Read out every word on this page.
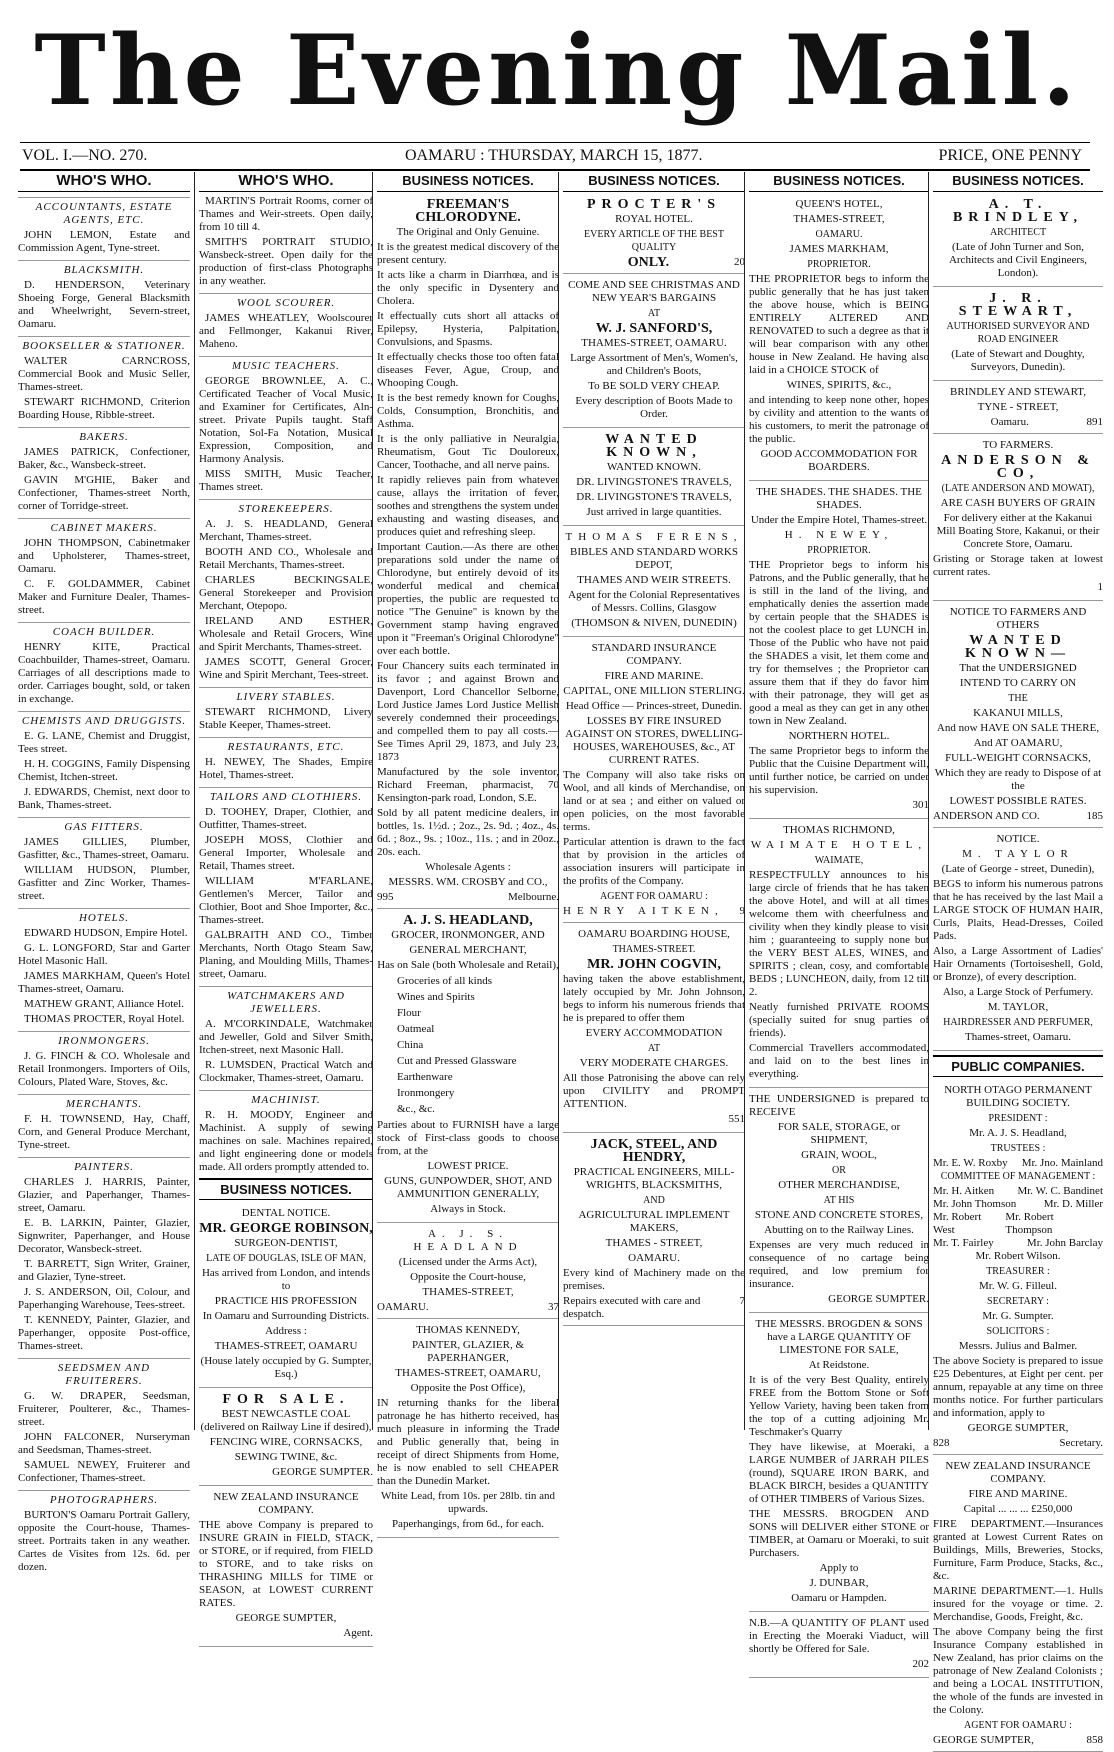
The Evening Mail.
VOL. I.—NO. 270.	OAMARU : THURSDAY, MARCH 15, 1877.	PRICE, ONE PENNY
WHO'S WHO.
ACCOUNTANTS, ESTATE AGENTS, ETC.

JOHN LEMON, Estate and Commission Agent, Tyne-street.

BLACKSMITH.

D. HENDERSON, Veterinary Shoeing Forge, General Blacksmith and Wheelwright, Severn-street, Oamaru.

BOOKSELLER & STATIONER.

WALTER CARNCROSS, Commercial Book and Music Seller, Thames-street.

STEWART RICHMOND, Criterion Boarding House, Ribble-street.

BAKERS.

JAMES PATRICK, Confectioner, Baker, &c., Wansbeck-street.

GAVIN M'GHIE, Baker and Confectioner, Thames-street North, corner of Torridge-street.

CABINET MAKERS.

JOHN THOMPSON, Cabinetmaker and Upholsterer, Thames-street, Oamaru.

C. F. GOLDAMMER, Cabinet Maker and Furniture Dealer, Thames-street.

COACH BUILDER.

HENRY KITE, Practical Coachbuilder, Thames-street, Oamaru. Carriages of all descriptions made to order. Carriages bought, sold, or taken in exchange.

CHEMISTS AND DRUGGISTS.

E. G. LANE, Chemist and Druggist, Tees street.

H. H. COGGINS, Family Dispensing Chemist, Itchen-street.

J. EDWARDS, Chemist, next door to Bank, Thames-street.

GAS FITTERS.

JAMES GILLIES, Plumber, Gasfitter, &c., Thames-street, Oamaru.

WILLIAM HUDSON, Plumber, Gasfitter and Zinc Worker, Thames-street.

HOTELS.

EDWARD HUDSON, Empire Hotel.

G. L. LONGFORD, Star and Garter Hotel Masonic Hall.

JAMES MARKHAM, Queen's Hotel Thames-street, Oamaru.

MATHEW GRANT, Alliance Hotel.

THOMAS PROCTER, Royal Hotel.

IRONMONGERS.

J. G. FINCH & CO. Wholesale and Retail Ironmongers. Importers of Oils, Colours, Plated Ware, Stoves, &c.

MERCHANTS.

F. H. TOWNSEND, Hay, Chaff, Corn, and General Produce Merchant, Tyne-street.

PAINTERS.

CHARLES J. HARRIS, Painter, Glazier, and Paperhanger, Thames-street, Oamaru.

E. B. LARKIN, Painter, Glazier, Signwriter, Paperhanger, and House Decorator, Wansbeck-street.

T. BARRETT, Sign Writer, Grainer, and Glazier, Tyne-street.

J. S. ANDERSON, Oil, Colour, and Paperhanging Warehouse, Tees-street.

T. KENNEDY, Painter, Glazier, and Paperhanger, opposite Post-office, Thames-street.

SEEDSMEN AND FRUITERERS.

G. W. DRAPER, Seedsman, Fruiterer, Poulterer, &c., Thames-street.

JOHN FALCONER, Nurseryman and Seedsman, Thames-street.

SAMUEL NEWEY, Fruiterer and Confectioner, Thames-street.

PHOTOGRAPHERS.

BURTON'S Oamaru Portrait Gallery, opposite the Court-house, Thames-street. Portraits taken in any weather. Cartes de Visites from 12s. 6d. per dozen.

WHO'S WHO.

MARTIN'S Portrait Rooms, corner of Thames and Weir-streets. Open daily, from 10 till 4.

SMITH'S PORTRAIT STUDIO, Wansbeck-street. Open daily for the production of first-class Photographs in any weather.

WOOL SCOURER.

JAMES WHEATLEY, Woolscourer and Fellmonger, Kakanui River, Maheno.

MUSIC TEACHERS.

GEORGE BROWNLEE, A. C., Certificated Teacher of Vocal Music, and Examiner for Certificates, Aln-street. Private Pupils taught. Staff Notation, Sol-Fa Notation, Musical Expression, Composition, and Harmony Analysis.

MISS SMITH, Music Teacher, Thames street.

STOREKEEPERS.

A. J. S. HEADLAND, General Merchant, Thames-street.

BOOTH AND CO., Wholesale and Retail Merchants, Thames-street.

CHARLES BECKINGSALE, General Storekeeper and Provision Merchant, Otepopo.

IRELAND AND ESTHER, Wholesale and Retail Grocers, Wine and Spirit Merchants, Thames-street.

JAMES SCOTT, General Grocer, Wine and Spirit Merchant, Tees-street.

LIVERY STABLES.

STEWART RICHMOND, Livery Stable Keeper, Thames-street.

RESTAURANTS, ETC.

H. NEWEY, The Shades, Empire Hotel, Thames-street.

TAILORS AND CLOTHIERS.

D. TOOHEY, Draper, Clothier, and Outfitter, Thames-street.

JOSEPH MOSS, Clothier and General Importer, Wholesale and Retail, Thames street.

WILLIAM M'FARLANE, Gentlemen's Mercer, Tailor and Clothier, Boot and Shoe Importer, &c., Thames-street.

GALBRAITH AND CO., Timber Merchants, North Otago Steam Saw, Planing, and Moulding Mills, Thames-street, Oamaru.

WATCHMAKERS AND JEWELLERS.

A. M'CORKINDALE, Watchmaker and Jeweller, Gold and Silver Smith, Itchen-street, next Masonic Hall.

R. LUMSDEN, Practical Watch and Clockmaker, Thames-street, Oamaru.

MACHINIST.

R. H. MOODY, Engineer and Machinist. A supply of sewing machines on sale. Machines repaired, and light engineering done or models made. All orders promptly attended to.

BUSINESS NOTICES.

DENTAL NOTICE.

MR. GEORGE ROBINSON,

SURGEON-DENTIST,

LATE OF DOUGLAS, ISLE OF MAN,

Has arrived from London, and intends to

PRACTICE HIS PROFESSION

In Oamaru and Surrounding Districts.

Address :

THAMES-STREET, OAMARU

(House lately occupied by G. Sumpter, Esq.)

FOR SALE.

BEST NEWCASTLE COAL (delivered on Railway Line if desired),

FENCING WIRE, CORNSACKS,

SEWING TWINE, &c.

GEORGE SUMPTER.

NEW ZEALAND INSURANCE COMPANY.

THE above Company is prepared to INSURE GRAIN in FIELD, STACK, or STORE, or if required, from FIELD to STORE, and to take risks on THRASHING MILLS for TIME or SEASON, at LOWEST CURRENT RATES.

GEORGE SUMPTER,

Agent.

BUSINESS NOTICES.

FREEMAN'S CHLORODYNE.

The Original and Only Genuine.

It is the greatest medical discovery of the present century.

It acts like a charm in Diarrhœa, and is the only specific in Dysentery and Cholera.

It effectually cuts short all attacks of Epilepsy, Hysteria, Palpitation, Convulsions, and Spasms.

It effectually checks those too often fatal diseases Fever, Ague, Croup, and Whooping Cough.

It is the best remedy known for Coughs, Colds, Consumption, Bronchitis, and Asthma.

It is the only palliative in Neuralgia, Rheumatism, Gout Tic Douloreux, Cancer, Toothache, and all nerve pains.

It rapidly relieves pain from whatever cause, allays the irritation of fever, soothes and strengthens the system under exhausting and wasting diseases, and produces quiet and refreshing sleep.

Important Caution.—As there are other preparations sold under the name of Chlorodyne, but entirely devoid of its wonderful medical and chemical properties, the public are requested to notice "The Genuine" is known by the Government stamp having engraved upon it "Freeman's Original Chlorodyne" over each bottle.

Four Chancery suits each terminated in its favor ; and against Brown and Davenport, Lord Chancellor Selborne, Lord Justice James Lord Justice Mellish severely condemned their proceedings, and compelled them to pay all costs.—See Times April 29, 1873, and July 23, 1873

Manufactured by the sole inventor, Richard Freeman, pharmacist, 70 Kensington-park road, London, S.E.

Sold by all patent medicine dealers, in bottles, 1s. 1½d. ; 2oz., 2s. 9d. ; 4oz., 4s. 6d. ; 8oz., 9s. ; 10oz., 11s. ; and in 20oz., 20s. each.

Wholesale Agents :

MESSRS. WM. CROSBY and CO.,

995	Melbourne.

A. J. S. HEADLAND,

GROCER, IRONMONGER, AND

GENERAL MERCHANT,

Has on Sale (both Wholesale and Retail),

Groceries of all kinds
Wines and Spirits
Flour
Oatmeal
China
Cut and Pressed Glassware
Earthenware
Ironmongery
&c., &c.

Parties about to FURNISH have a large stock of First-class goods to choose from, at the

LOWEST PRICE.

GUNS, GUNPOWDER, SHOT, AND AMMUNITION GENERALLY,

Always in Stock.

A. J. S. HEADLAND

(Licensed under the Arms Act),

Opposite the Court-house,

THAMES-STREET,

OAMARU.	37

THOMAS KENNEDY,

PAINTER, GLAZIER, & PAPERHANGER,

THAMES-STREET, OAMARU,

Opposite the Post Office),

IN returning thanks for the liberal patronage he has hitherto received, has much pleasure in informing the Trade and Public generally that, being in receipt of direct Shipments from Home, he is now enabled to sell CHEAPER than the Dunedin Market.

White Lead, from 10s. per 28lb. tin and upwards.

Paperhangings, from 6d., for each.

BUSINESS NOTICES.

PROCTER'S

ROYAL HOTEL.

EVERY ARTICLE OF THE BEST QUALITY

ONLY.	20

COME AND SEE CHRISTMAS AND NEW YEAR'S BARGAINS

AT

W. J. SANFORD'S,

THAMES-STREET, OAMARU.

Large Assortment of Men's, Women's, and Children's Boots,

To BE SOLD VERY CHEAP.

Every description of Boots Made to Order.

WANTED KNOWN,

WANTED KNOWN.

DR. LIVINGSTONE'S TRAVELS,

DR. LIVINGSTONE'S TRAVELS,

Just arrived in large quantities.

THOMAS FERENS,

BIBLES AND STANDARD WORKS DEPOT,

THAMES AND WEIR STREETS.

Agent for the Colonial Representatives of Messrs. Collins, Glasgow

(THOMSON & NIVEN, DUNEDIN)

STANDARD INSURANCE COMPANY.

FIRE AND MARINE.

CAPITAL, ONE MILLION STERLING.

Head Office — Princes-street, Dunedin.

LOSSES BY FIRE INSURED AGAINST ON STORES, DWELLING-HOUSES, WAREHOUSES, &c., AT CURRENT RATES.

The Company will also take risks on Wool, and all kinds of Merchandise, on land or at sea ; and either on valued or open policies, on the most favorable terms.

Particular attention is drawn to the fact that by provision in the articles of association insurers will participate in the profits of the Company.

AGENT FOR OAMARU :

HENRY AITKEN, 9

OAMARU BOARDING HOUSE,

THAMES-STREET.

MR. JOHN COGVIN,

having taken the above establishment, lately occupied by Mr. John Johnson, begs to inform his numerous friends that he is prepared to offer them

EVERY ACCOMMODATION

AT

VERY MODERATE CHARGES.

All those Patronising the above can rely upon CIVILITY and PROMPT ATTENTION.

551

JACK, STEEL, AND HENDRY,

PRACTICAL ENGINEERS, MILL-WRIGHTS, BLACKSMITHS,

AND

AGRICULTURAL IMPLEMENT MAKERS,

THAMES - STREET,

OAMARU.

Every kind of Machinery made on the premises.

Repairs executed with care and despatch.
7
BUSINESS NOTICES.

QUEEN'S HOTEL,

THAMES-STREET,

OAMARU.

JAMES MARKHAM,

PROPRIETOR.

THE PROPRIETOR begs to inform the public generally that he has just taken the above house, which is BEING ENTIRELY ALTERED AND RENOVATED to such a degree as that it will bear comparison with any other house in New Zealand. He having also laid in a CHOICE STOCK of

WINES, SPIRITS, &c.,

and intending to keep none other, hopes by civility and attention to the wants of his customers, to merit the patronage of the public.

GOOD ACCOMMODATION FOR BOARDERS.

THE SHADES. THE SHADES. THE SHADES.

Under the Empire Hotel, Thames-street.

H. NEWEY,

PROPRIETOR.

THE Proprietor begs to inform his Patrons, and the Public generally, that he is still in the land of the living, and emphatically denies the assertion made by certain people that the SHADES is not the coolest place to get LUNCH in. Those of the Public who have not paid the SHADES a visit, let them come and try for themselves ; the Proprietor can assure them that if they do favor him with their patronage, they will get as good a meal as they can get in any other town in New Zealand.

NORTHERN HOTEL.

The same Proprietor begs to inform the Public that the Cuisine Department will, until further notice, be carried on under his supervision.

301

THOMAS RICHMOND,

WAIMATE HOTEL,

WAIMATE,

RESPECTFULLY announces to his large circle of friends that he has taken the above Hotel, and will at all times welcome them with cheerfulness and civility when they kindly please to visit him ; guaranteeing to supply none but the VERY BEST ALES, WINES, and SPIRITS ; clean, cosy, and comfortable BEDS ; LUNCHEON, daily, from 12 till 2.

Neatly furnished PRIVATE ROOMS (specially suited for snug parties of friends).

Commercial Travellers accommodated, and laid on to the best lines in everything.

THE UNDERSIGNED is prepared to RECEIVE

FOR SALE, STORAGE, or SHIPMENT,

GRAIN, WOOL,

OR

OTHER MERCHANDISE,

AT HIS

STONE AND CONCRETE STORES,

Abutting on to the Railway Lines.

Expenses are very much reduced in consequence of no cartage being required, and low premium for insurance.

GEORGE SUMPTER.

THE MESSRS. BROGDEN & SONS have a LARGE QUANTITY OF LIMESTONE FOR SALE,

At Reidstone.

It is of the very Best Quality, entirely FREE from the Bottom Stone or Soft Yellow Variety, having been taken from the top of a cutting adjoining Mr. Teschmaker's Quarry

They have likewise, at Moeraki, a LARGE NUMBER of JARRAH PILES (round), SQUARE IRON BARK, and BLACK BIRCH, besides a QUANTITY of OTHER TIMBERS of Various Sizes.

THE MESSRS. BROGDEN AND SONS will DELIVER either STONE or TIMBER, at Oamaru or Moeraki, to suit Purchasers.

Apply to

J. DUNBAR,

Oamaru or Hampden.

N.B.—A QUANTITY OF PLANT used in Erecting the Moeraki Viaduct, will shortly be Offered for Sale.

202

BUSINESS NOTICES.

A. T. BRINDLEY,

ARCHITECT

(Late of John Turner and Son, Architects and Civil Engineers, London).

J. R. STEWART,

AUTHORISED SURVEYOR AND ROAD ENGINEER

(Late of Stewart and Doughty, Surveyors, Dunedin).

BRINDLEY AND STEWART,

TYNE - STREET,

Oamaru.	891

TO FARMERS.

ANDERSON & CO,

(LATE ANDERSON AND MOWAT),

ARE CASH BUYERS OF GRAIN

For delivery either at the Kakanui Mill Boating Store, Kakanui, or their Concrete Store, Oamaru.

Gristing or Storage taken at lowest current rates.

1

NOTICE TO FARMERS AND OTHERS

WANTED KNOWN—

That the UNDERSIGNED

INTEND TO CARRY ON

THE

KAKANUI MILLS,

And now HAVE ON SALE THERE,

And AT OAMARU,

FULL-WEIGHT CORNSACKS,

Which they are ready to Dispose of at the

LOWEST POSSIBLE RATES.

ANDERSON AND CO.	185

NOTICE.

M. TAYLOR

(Late of George - street, Dunedin),

BEGS to inform his numerous patrons that he has received by the last Mail a LARGE STOCK OF HUMAN HAIR, Curls, Plaits, Head-Dresses, Coiled Pads.

Also, a Large Assortment of Ladies' Hair Ornaments (Tortoiseshell, Gold, or Bronze), of every description.

Also, a Large Stock of Perfumery.

M. TAYLOR,

HAIRDRESSER AND PERFUMER,

Thames-street, Oamaru.

PUBLIC COMPANIES.

NORTH OTAGO PERMANENT BUILDING SOCIETY.

PRESIDENT :

Mr. A. J. S. Headland,

TRUSTEES :

Mr. E. W. Roxby Mr. Jno. Mainland

COMMITTEE OF MANAGEMENT :

Mr. H. Aitken Mr. W. C. Bandinet
Mr. John Thomson Mr. D. Miller
Mr. Robert West
Mr. Robert Thompson
Mr. T. Fairley	Mr. John Barclay

Mr. Robert Wilson.

TREASURER :

Mr. W. G. Filleul.

SECRETARY :

Mr. G. Sumpter.

SOLICITORS :

Messrs. Julius and Balmer.

The above Society is prepared to issue £25 Debentures, at Eight per cent. per annum, repayable at any time on three months notice. For further particulars and information, apply to

GEORGE SUMPTER,

828	Secretary.

NEW ZEALAND INSURANCE COMPANY.

FIRE AND MARINE.

Capital ... ... ... £250,000

FIRE DEPARTMENT.—Insurances granted at Lowest Current Rates on Buildings, Mills, Breweries, Stocks, Furniture, Farm Produce, Stacks, &c., &c.

MARINE DEPARTMENT.—1. Hulls insured for the voyage or time. 2. Merchandise, Goods, Freight, &c.

The above Company being the first Insurance Company established in New Zealand, has prior claims on the patronage of New Zealand Colonists ; and being a LOCAL INSTITUTION, the whole of the funds are invested in the Colony.

AGENT FOR OAMARU :

GEORGE SUMPTER,	858
